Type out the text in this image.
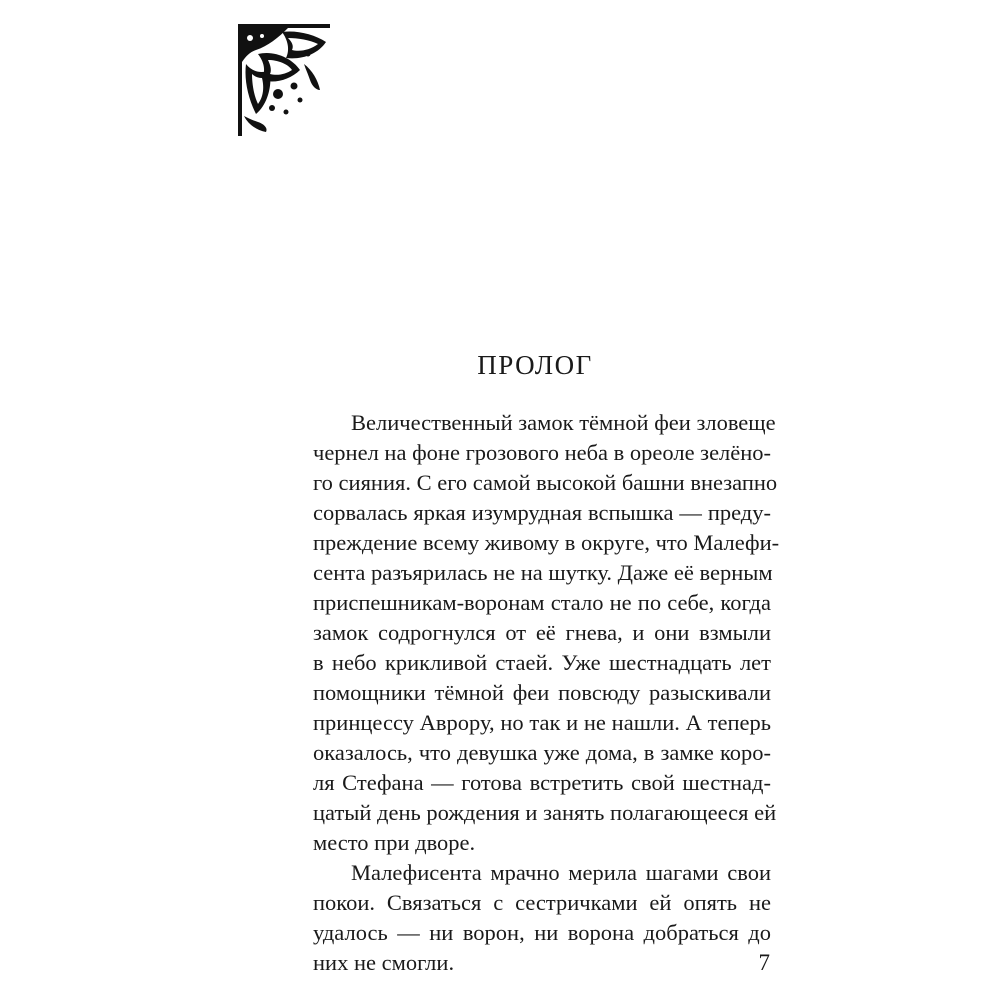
ПРОЛОГ

Величественный замок тёмной феи зловеще
чернел на фоне грозового неба в ореоле зелёно-
го сияния. С его самой высокой башни внезапно
сорвалась яркая изумрудная вспышка — преду-
преждение всему живому в округе, что Малефи-
сента разъярилась не на шутку. Даже её верным
приспешникам-воронам стало не по себе, когда
замок содрогнулся от её гнева, и они взмыли
в небо крикливой стаей. Уже шестнадцать лет
помощники тёмной феи повсюду разыскивали
принцессу Аврору, но так и не нашли. А теперь
оказалось, что девушка уже дома, в замке коро-
ля Стефана — готова встретить свой шестнад-
цатый день рождения и занять полагающееся ей
место при дворе.

Малефисента мрачно мерила шагами свои
покои. Связаться с сестричками ей опять не
удалось — ни ворон, ни ворона добраться до
них не смогли.	7
